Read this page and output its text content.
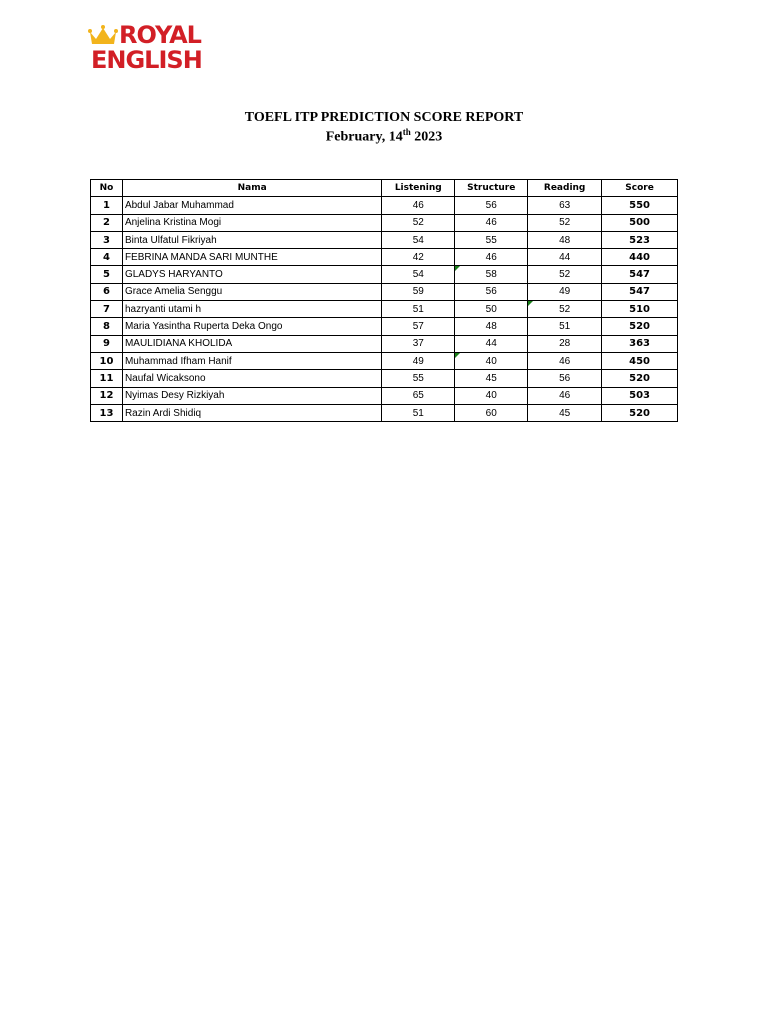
ROYAL
ENGLISH
TOEFL ITP PREDICTION SCORE REPORT
February, 14th 2023
No	Nama	Listening	Structure	Reading	Score
1	Abdul Jabar Muhammad	46	56	63	550
2	Anjelina Kristina Mogi	52	46	52	500
3	Binta Ulfatul Fikriyah	54	55	48	523
4	FEBRINA MANDA SARI MUNTHE	42	46	44	440
5	GLADYS HARYANTO	54	58	52	547
6	Grace Amelia Senggu	59	56	49	547
7	hazryanti utami h	51	50	52	510
8	Maria Yasintha Ruperta Deka Ongo	57	48	51	520
9	MAULIDIANA KHOLIDA	37	44	28	363
10	Muhammad Ifham Hanif	49	40	46	450
11	Naufal Wicaksono	55	45	56	520
12	Nyimas Desy Rizkiyah	65	40	46	503
13	Razin Ardi Shidiq	51	60	45	520
